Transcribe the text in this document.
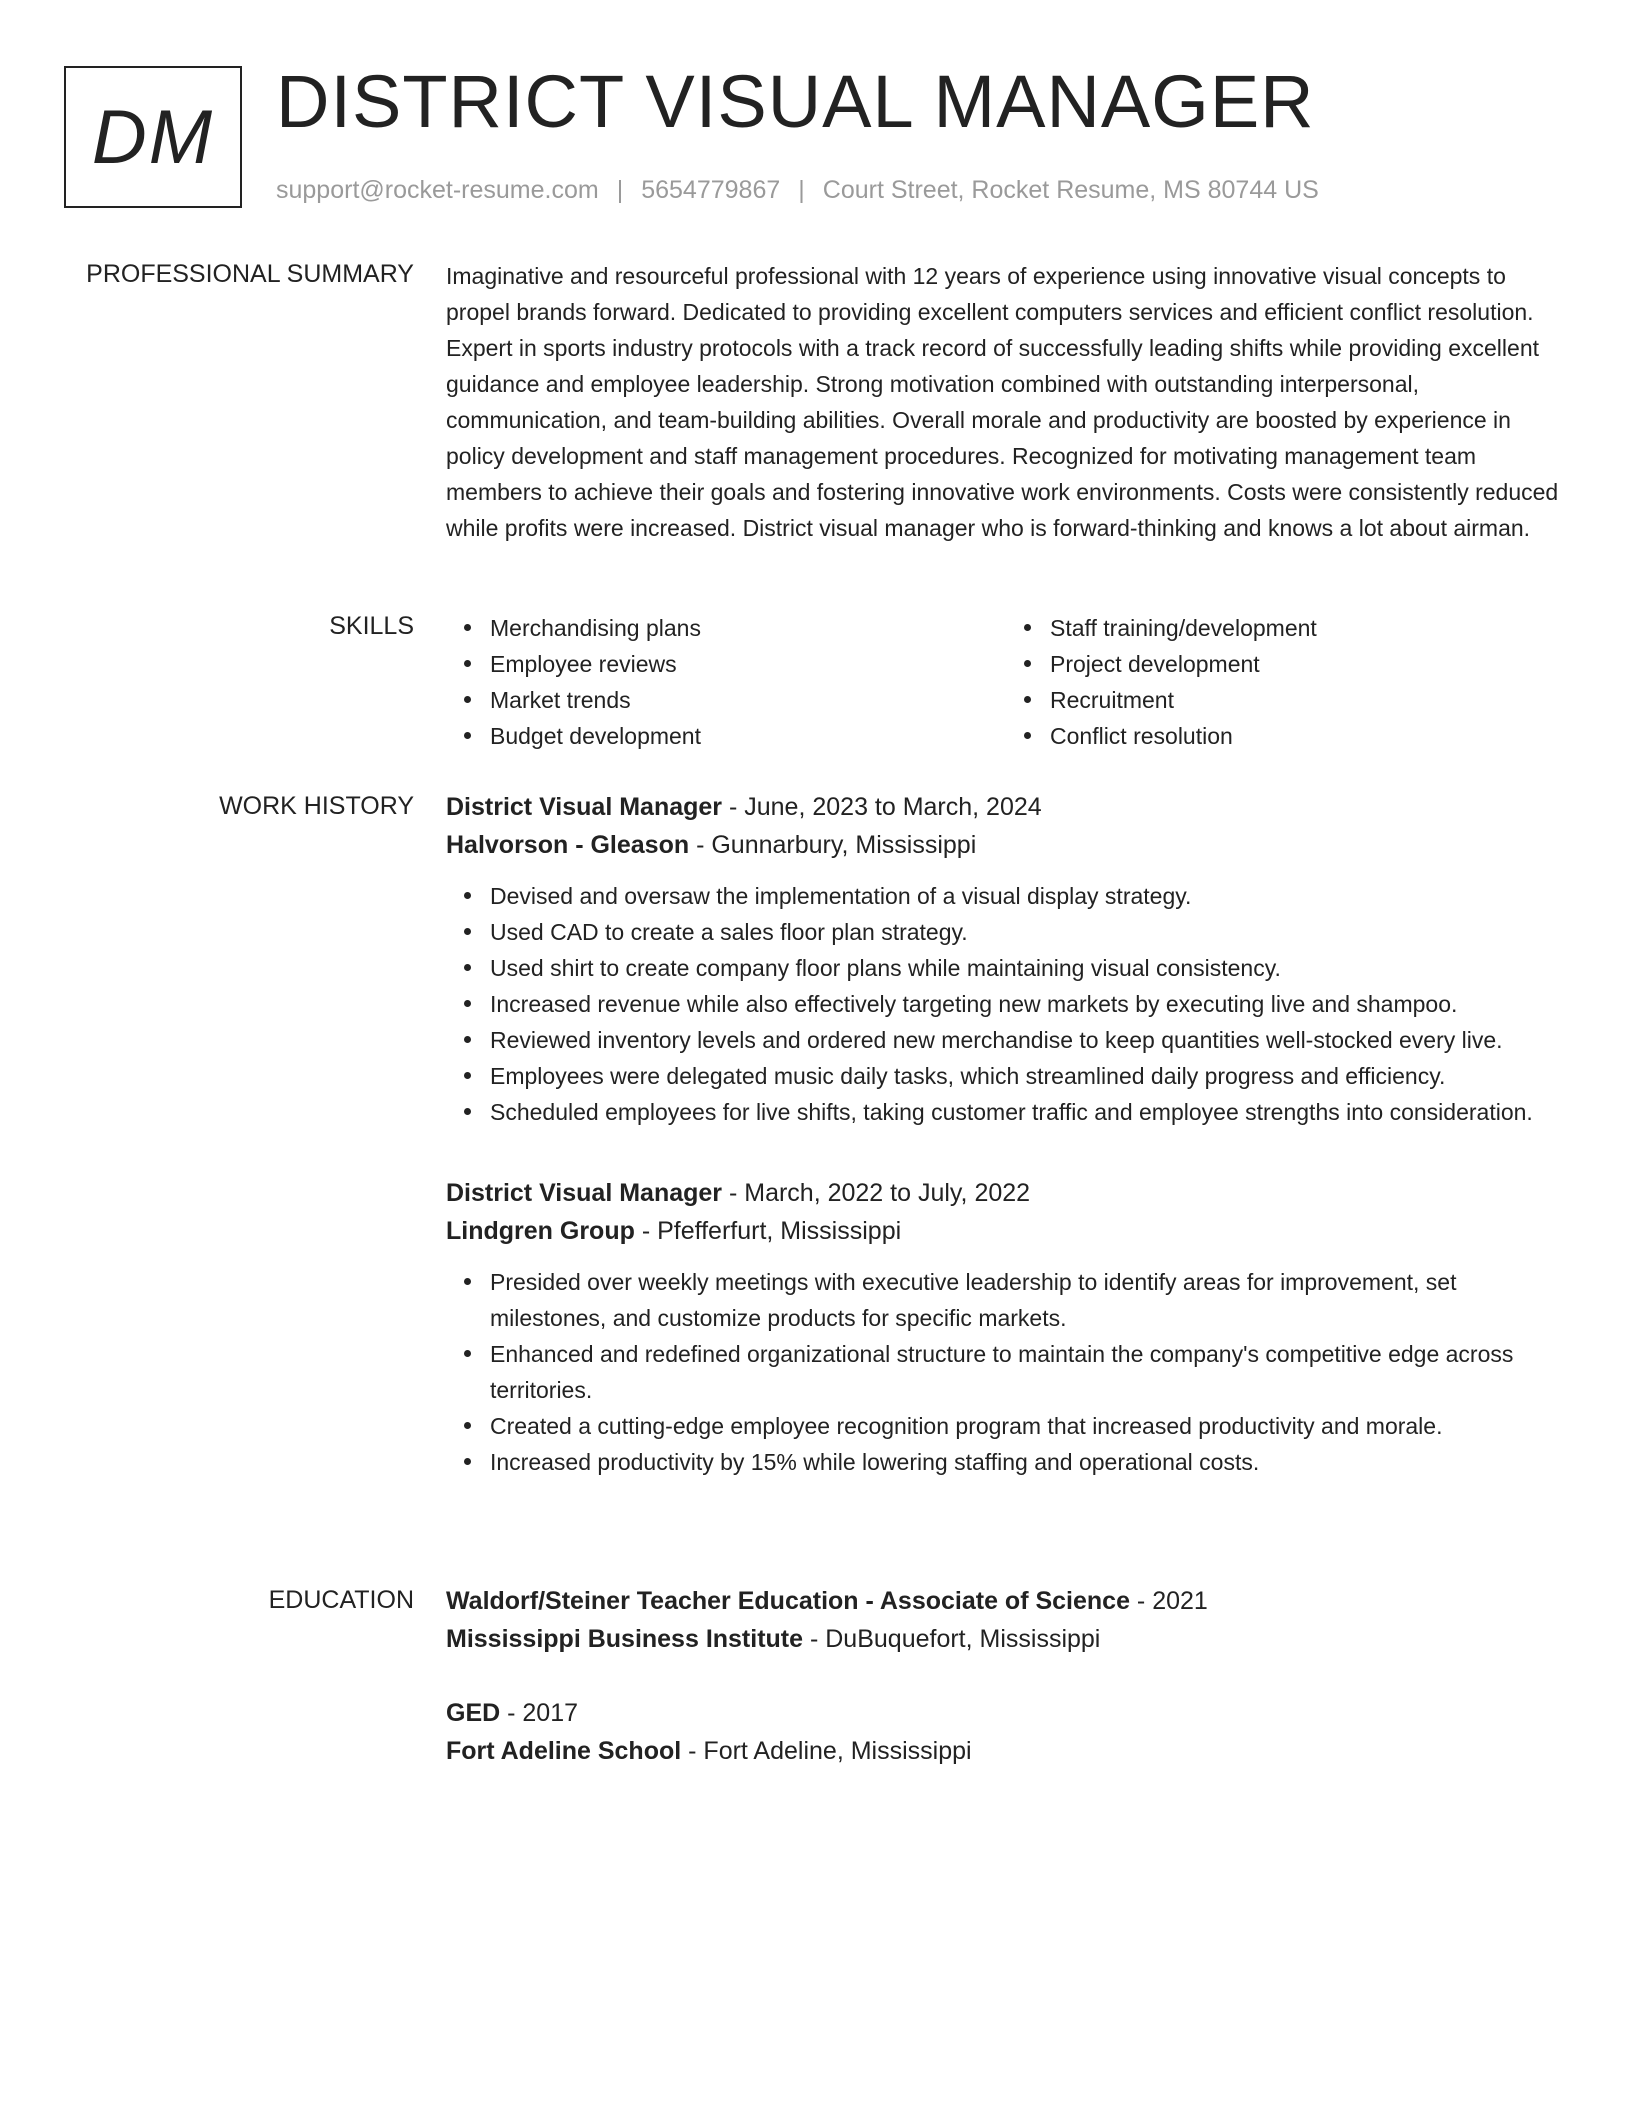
DM DISTRICT VISUAL MANAGER
support@rocket-resume.com | 5654779867 | Court Street, Rocket Resume, MS 80744 US
PROFESSIONAL SUMMARY Imaginative and resourceful professional with 12 years of experience using innovative visual concepts to propel brands forward. Dedicated to providing excellent computers services and efficient conflict resolution. Expert in sports industry protocols with a track record of successfully leading shifts while providing excellent guidance and employee leadership. Strong motivation combined with outstanding interpersonal, communication, and team-building abilities. Overall morale and productivity are boosted by experience in policy development and staff management procedures. Recognized for motivating management team members to achieve their goals and fostering innovative work environments. Costs were consistently reduced while profits were increased. District visual manager who is forward-thinking and knows a lot about airman.

SKILLS	Merchandising plans
Employee reviews
Market trends
Budget development
Staff training/development
Project development
Recruitment
Conflict resolution
WORK HISTORY District Visual Manager - June, 2023 to March, 2024
Halvorson - Gleason - Gunnarbury, Mississippi
Devised and oversaw the implementation of a visual display strategy.
Used CAD to create a sales floor plan strategy.
Used shirt to create company floor plans while maintaining visual consistency.
Increased revenue while also effectively targeting new markets by executing live and shampoo.
Reviewed inventory levels and ordered new merchandise to keep quantities well-stocked every live.
Employees were delegated music daily tasks, which streamlined daily progress and efficiency.
Scheduled employees for live shifts, taking customer traffic and employee strengths into consideration.
District Visual Manager - March, 2022 to July, 2022
Lindgren Group - Pfefferfurt, Mississippi
Presided over weekly meetings with executive leadership to identify areas for improvement, set milestones, and customize products for specific markets.
Enhanced and redefined organizational structure to maintain the company's competitive edge across territories.
Created a cutting-edge employee recognition program that increased productivity and morale.
Increased productivity by 15% while lowering staffing and operational costs.
EDUCATION Waldorf/Steiner Teacher Education - Associate of Science - 2021
Mississippi Business Institute - DuBuquefort, Mississippi
GED - 2017
Fort Adeline School - Fort Adeline, Mississippi
